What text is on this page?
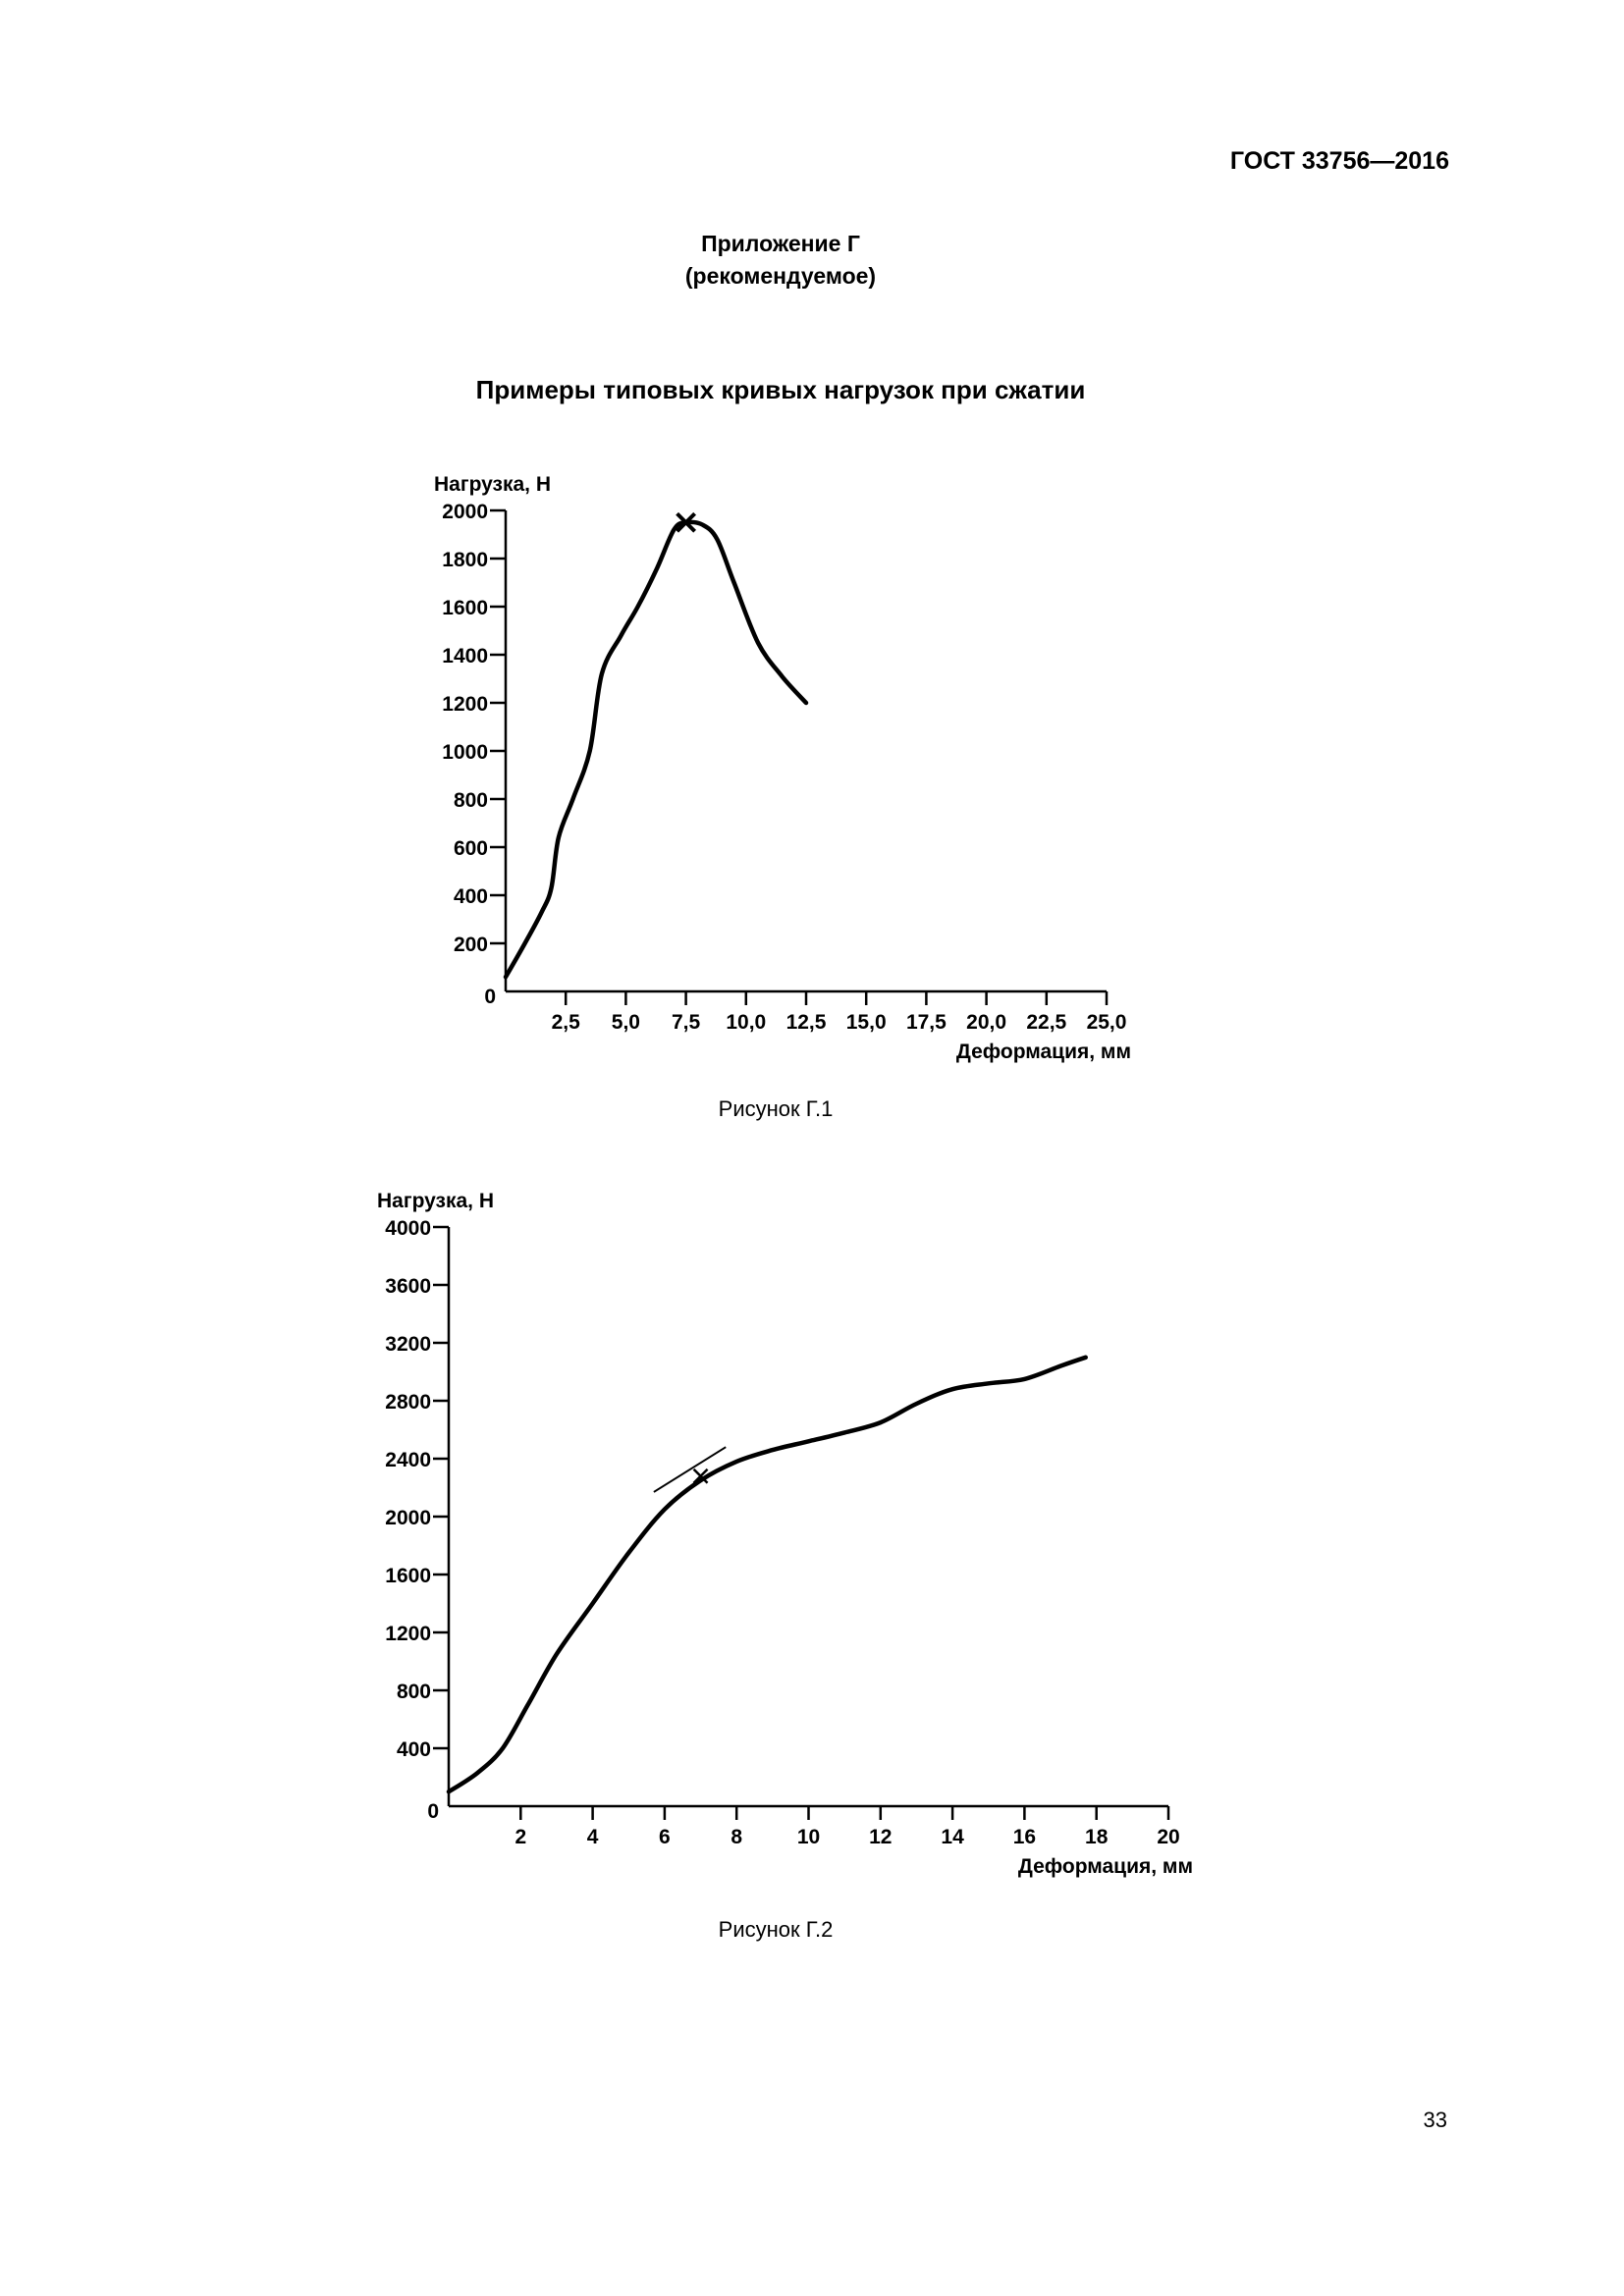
ГОСТ 33756—2016
Приложение Г
(рекомендуемое)
Примеры типовых кривых нагрузок при сжатии
Нагрузка, Н
0
200
400
600
800
1000
1200
1400
1600
1800
2000
2,5 5,0 7,5 10,0 12,5 15,0 17,5 20,0 22,5 25,0
Деформация, мм
Рисунок Г.1
Нагрузка, Н
0
400
800
1200
1600
2000
2400
2800
3200
3600
4000
2	4	6	8	10 12 14 16 18 20
Деформация, мм
Рисунок Г.2
33
